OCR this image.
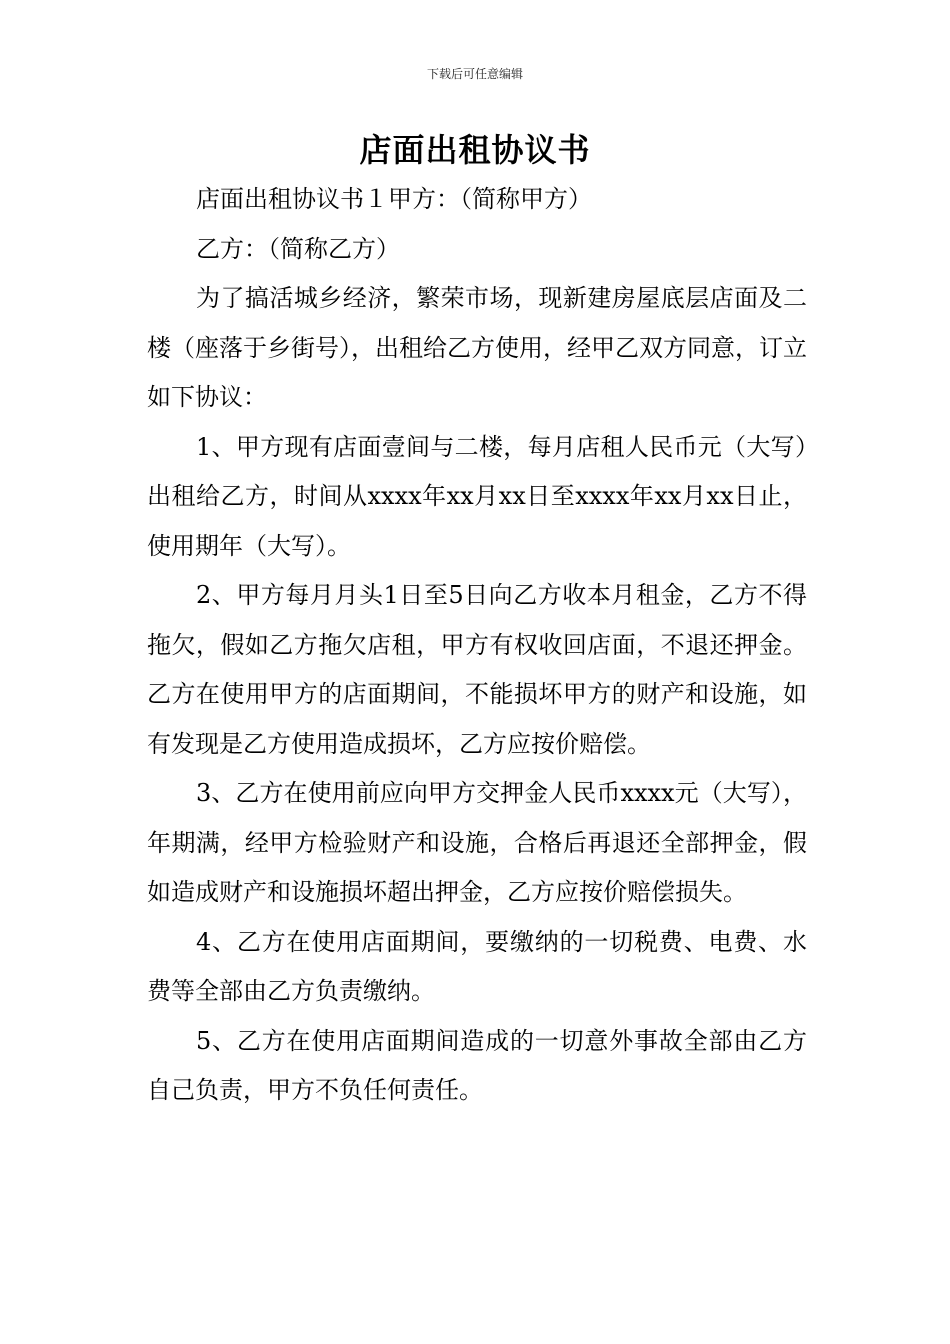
下载后可任意编辑
店面出租协议书

店面出租协议书１甲方：（简称甲方）

乙方：（简称乙方）

为了搞活城乡经济，繁荣市场，现新建房屋底层店面及二楼（座落于乡街号），出租给乙方使用，经甲乙双方同意，订立如下协议：

1、甲方现有店面壹间与二楼，每月店租人民币元（大写）出租给乙方，时间从xxxx年xx月xx日至xxxx年xx月xx日止，使用期年（大写）。

2、甲方每月月头1日至5日向乙方收本月租金，乙方不得拖欠，假如乙方拖欠店租，甲方有权收回店面，不退还押金。乙方在使用甲方的店面期间，不能损坏甲方的财产和设施，如有发现是乙方使用造成损坏，乙方应按价赔偿。

3、乙方在使用前应向甲方交押金人民币xxxx元（大写），年期满，经甲方检验财产和设施，合格后再退还全部押金，假如造成财产和设施损坏超出押金，乙方应按价赔偿损失。

4、乙方在使用店面期间，要缴纳的一切税费、电费、水费等全部由乙方负责缴纳。

5、乙方在使用店面期间造成的一切意外事故全部由乙方自己负责，甲方不负任何责任。
